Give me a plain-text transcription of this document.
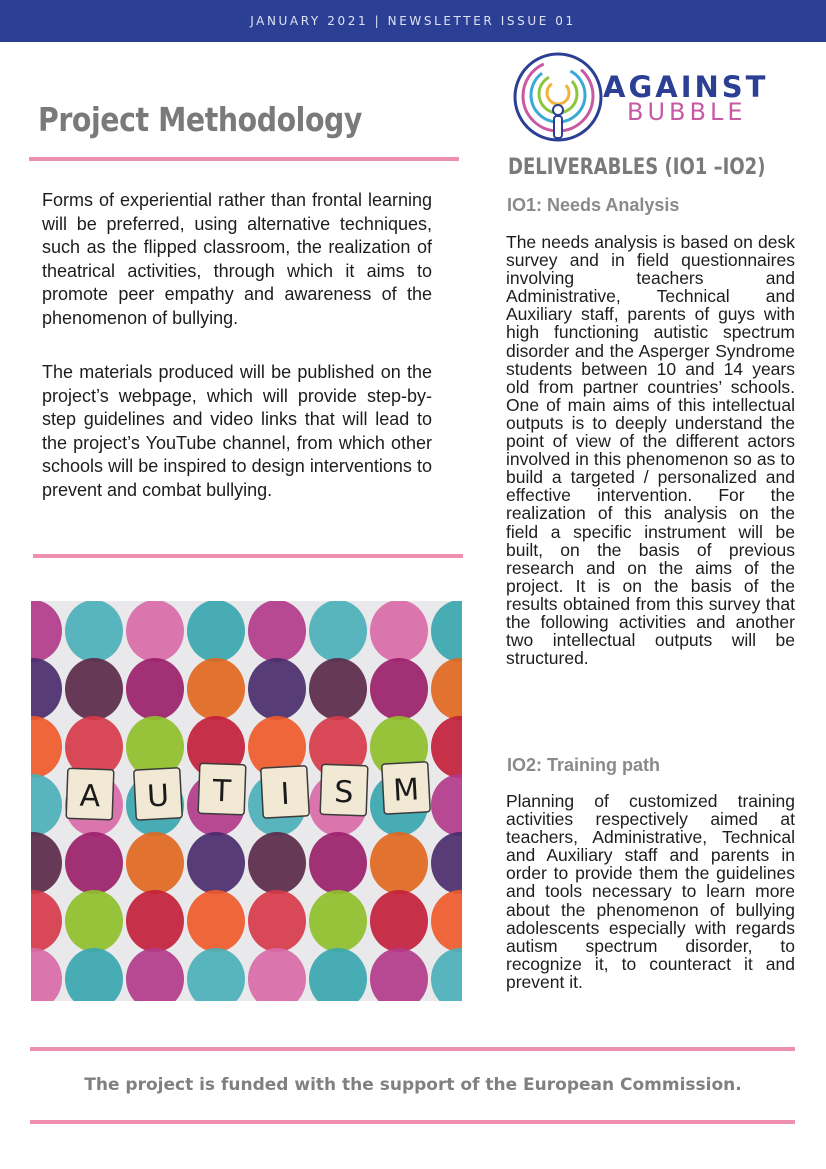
JANUARY 2021 | NEWSLETTER ISSUE 01
Project Methodology

Forms of experiential rather than frontal learning will be preferred, using alternative techniques, such as the flipped classroom, the realization of theatrical activities, through which it aims to promote peer empathy and awareness of the phenomenon of bullying.

The materials produced will be published on the project’s webpage, which will provide step-by-step guidelines and video links that will lead to the project’s YouTube channel, from which other schools will be inspired to design interventions to prevent and combat bullying.

A U T I S M
AGAINST
BUBBLE
DELIVERABLES (IO1 –IO2)
IO1: Needs Analysis

The needs analysis is based on desk survey and in field questionnaires involving teachers and Administrative, Technical and Auxiliary staff, parents of guys with high functioning autistic spectrum disorder and the Asperger Syndrome students between 10 and 14 years old from partner countries’ schools. One of main aims of this intellectual outputs is to deeply understand the point of view of the different actors involved in this phenomenon so as to build a targeted / personalized and effective intervention. For the realization of this analysis on the field a specific instrument will be built, on the basis of previous research and on the aims of the project. It is on the basis of the results obtained from this survey that the following activities and another two intellectual outputs will be structured.

IO2: Training path

Planning of customized training activities respectively aimed at teachers, Administrative, Technical and Auxiliary staff and parents in order to provide them the guidelines and tools necessary to learn more about the phenomenon of bullying adolescents especially with regards autism spectrum disorder, to recognize it, to counteract it and prevent it.

The project is funded with the support of the European Commission.
